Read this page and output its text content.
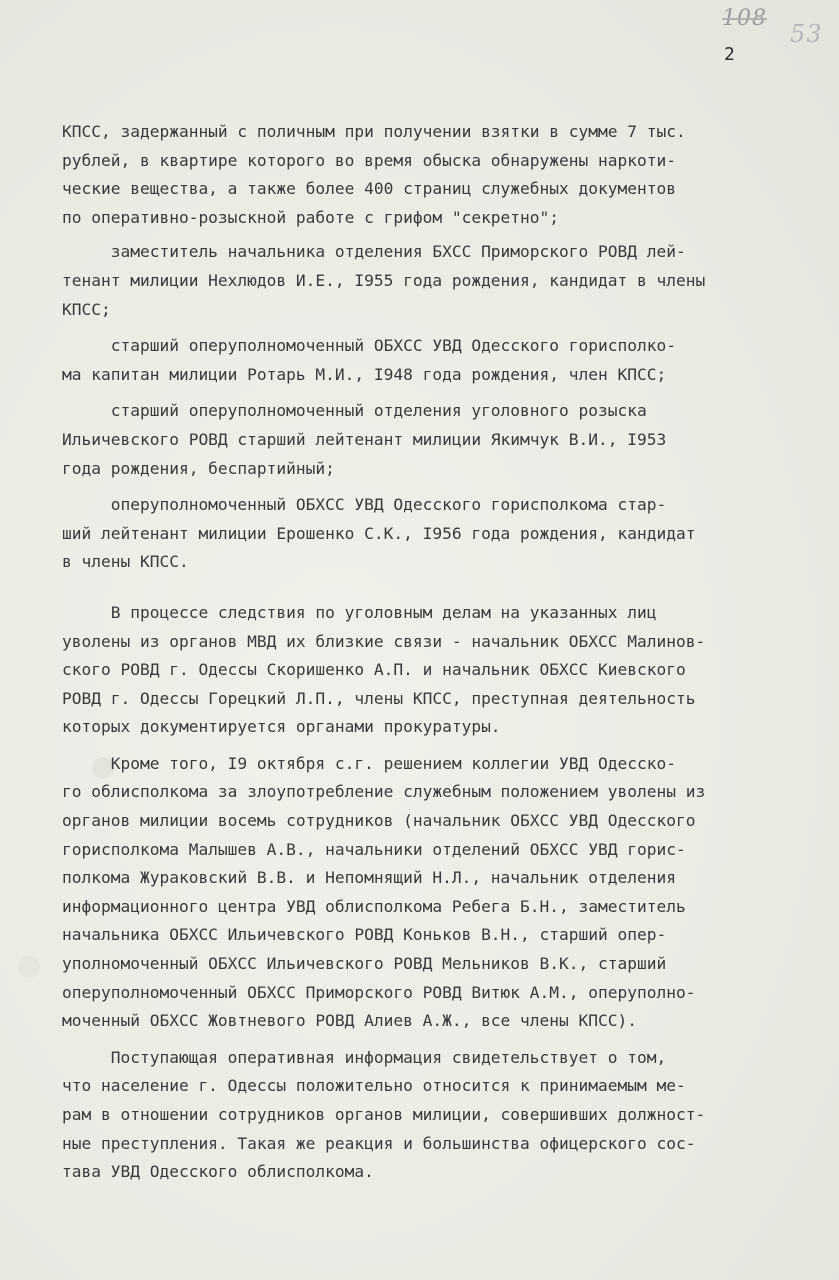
108
53
2
КПСС, задержанный с поличным при получении взятки в сумме 7 тыс.
рублей, в квартире которого во время обыска обнаружены наркоти-
ческие вещества, а также более 400 страниц служебных документов
по оперативно-розыскной работе с грифом "секретно";
заместитель начальника отделения БХСС Приморского РОВД лей-
тенант милиции Нехлюдов И.Е., I955 года рождения, кандидат в члены
КПСС;
старший оперуполномоченный ОБХСС УВД Одесского горисполко-
ма капитан милиции Ротарь М.И., I948 года рождения, член КПСС;
старший оперуполномоченный отделения уголовного розыска
Ильичевского РОВД старший лейтенант милиции Якимчук В.И., I953
года рождения, беспартийный;
оперуполномоченный ОБХСС УВД Одесского горисполкома стар-
ший лейтенант милиции Ерошенко С.К., I956 года рождения, кандидат
в члены КПСС.
В процессе следствия по уголовным делам на указанных лиц
уволены из органов МВД их близкие связи - начальник ОБХСС Малинов-
ского РОВД г. Одессы Скоришенко А.П. и начальник ОБХСС Киевского
РОВД г. Одессы Горецкий Л.П., члены КПСС, преступная деятельность
которых документируется органами прокуратуры.
Кроме того, I9 октября с.г. решением коллегии УВД Одесско-
го облисполкома за злоупотребление служебным положением уволены из
органов милиции восемь сотрудников (начальник ОБХСС УВД Одесского
горисполкома Малышев А.В., начальники отделений ОБХСС УВД горис-
полкома Жураковский В.В. и Непомнящий Н.Л., начальник отделения
информационного центра УВД облисполкома Ребега Б.Н., заместитель
начальника ОБХСС Ильичевского РОВД Коньков В.Н., старший опер-
уполномоченный ОБХСС Ильичевского РОВД Мельников В.К., старший
оперуполномоченный ОБХСС Приморского РОВД Витюк А.М., оперуполно-
моченный ОБХСС Жовтневого РОВД Алиев А.Ж., все члены КПСС).
Поступающая оперативная информация свидетельствует о том,
что население г. Одессы положительно относится к принимаемым ме-
рам в отношении сотрудников органов милиции, совершивших должност-
ные преступления. Такая же реакция и большинства офицерского сос-
тава УВД Одесского облисполкома.
